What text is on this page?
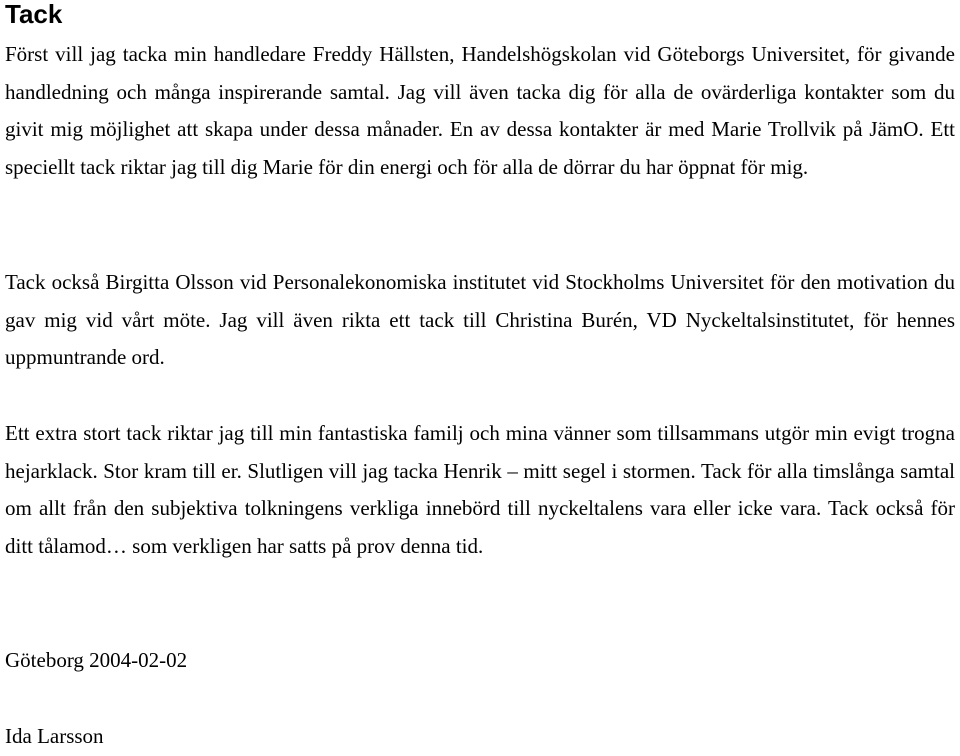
Tack

Först vill jag tacka min handledare Freddy Hällsten, Handelshögskolan vid Göteborgs Universitet, för givande handledning och många inspirerande samtal. Jag vill även tacka dig för alla de ovärderliga kontakter som du givit mig möjlighet att skapa under dessa månader. En av dessa kontakter är med Marie Trollvik på JämO. Ett speciellt tack riktar jag till dig Marie för din energi och för alla de dörrar du har öppnat för mig.

Tack också Birgitta Olsson vid Personalekonomiska institutet vid Stockholms Universitet för den motivation du gav mig vid vårt möte. Jag vill även rikta ett tack till Christina Burén, VD Nyckeltalsinstitutet, för hennes uppmuntrande ord.

Ett extra stort tack riktar jag till min fantastiska familj och mina vänner som tillsammans utgör min evigt trogna hejarklack. Stor kram till er. Slutligen vill jag tacka Henrik – mitt segel i stormen. Tack för alla timslånga samtal om allt från den subjektiva tolkningens verkliga innebörd till nyckeltalens vara eller icke vara. Tack också för ditt tålamod… som verkligen har satts på prov denna tid.

Göteborg 2004-02-02

Ida Larsson
